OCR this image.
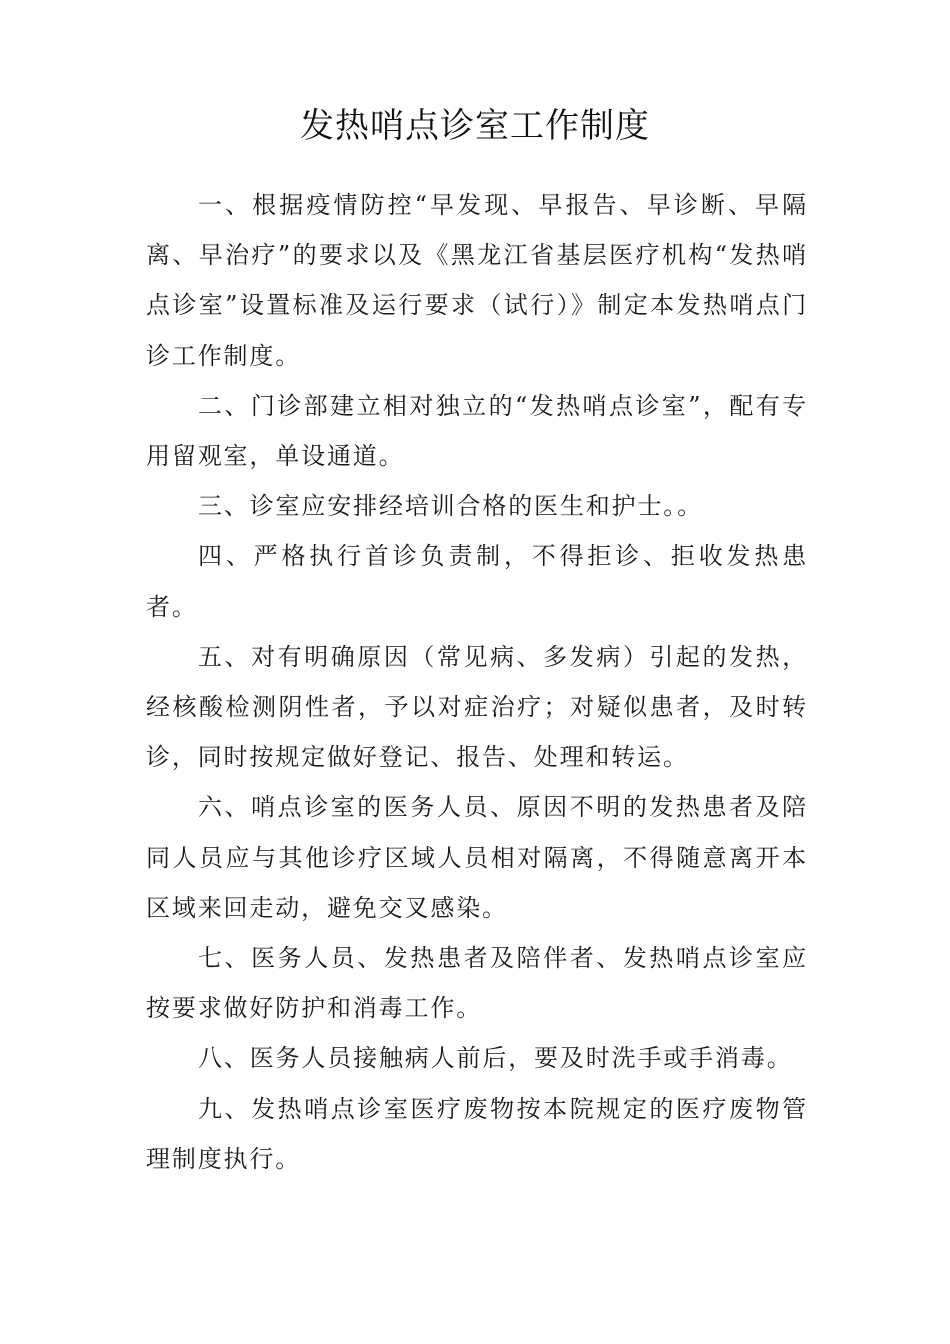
发热哨点诊室工作制度

一、根据疫情防控“早发现、早报告、早诊断、早隔离、早治疗”的要求以及《黑龙江省基层医疗机构“发热哨点诊室”设置标准及运行要求（试行）》制定本发热哨点门诊工作制度。

二、门诊部建立相对独立的“发热哨点诊室”，配有专用留观室，单设通道。

三、诊室应安排经培训合格的医生和护士。。

四、严格执行首诊负责制，不得拒诊、拒收发热患者。

五、对有明确原因（常见病、多发病）引起的发热，经核酸检测阴性者，予以对症治疗；对疑似患者，及时转诊，同时按规定做好登记、报告、处理和转运。

六、哨点诊室的医务人员、原因不明的发热患者及陪同人员应与其他诊疗区域人员相对隔离，不得随意离开本区域来回走动，避免交叉感染。

七、医务人员、发热患者及陪伴者、发热哨点诊室应按要求做好防护和消毒工作。

八、医务人员接触病人前后，要及时洗手或手消毒。

九、发热哨点诊室医疗废物按本院规定的医疗废物管理制度执行。
